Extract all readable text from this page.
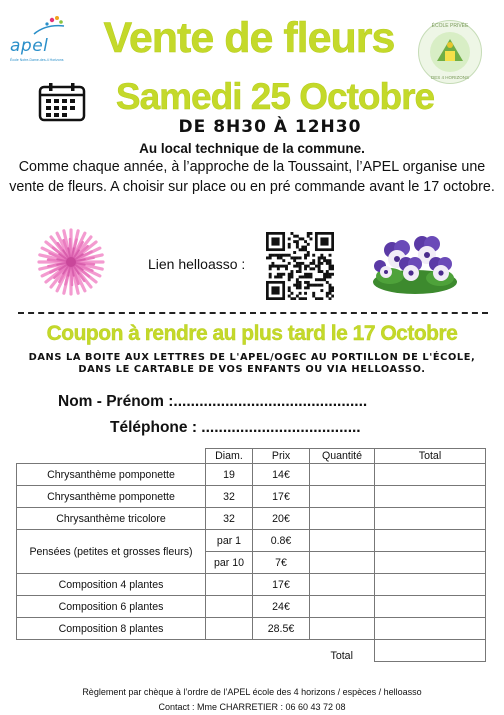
apel
École Notre-Dame-des-4 Horizons
ÉCOLE PRIVÉE
DES 4 HORIZONS
Vente de fleurs
Samedi 25 Octobre
DE 8H30 À 12H30
Au local technique de la commune.
Comme chaque année, à l’approche de la Toussaint, l’APEL organise une vente de fleurs. A choisir sur place ou en pré commande avant le 17 octobre.
Lien helloasso :
Coupon à rendre au plus tard le 17 Octobre
DANS LA BOITE AUX LETTRES DE L'APEL/OGEC AU PORTILLON DE L'ÉCOLE, DANS LE CARTABLE DE VOS ENFANTS OU VIA HELLOASSO.
Nom - Prénom :.............................................
Téléphone : .....................................
	Diam.	Prix	Quantité	Total
Chrysanthème pomponette	19	14€		
Chrysanthème pomponette	32	17€		
Chrysanthème tricolore	32	20€		
Pensées (petites et grosses fleurs)	par 1	0.8€		
	par 10	7€		
Composition 4 plantes		17€		
Composition 6 plantes		24€		
Composition 8 plantes		28.5€		
			Total	
Règlement par chèque à l’ordre de l’APEL école des 4 horizons / espèces / helloasso
Contact : Mme CHARRETIER : 06 60 43 72 08
